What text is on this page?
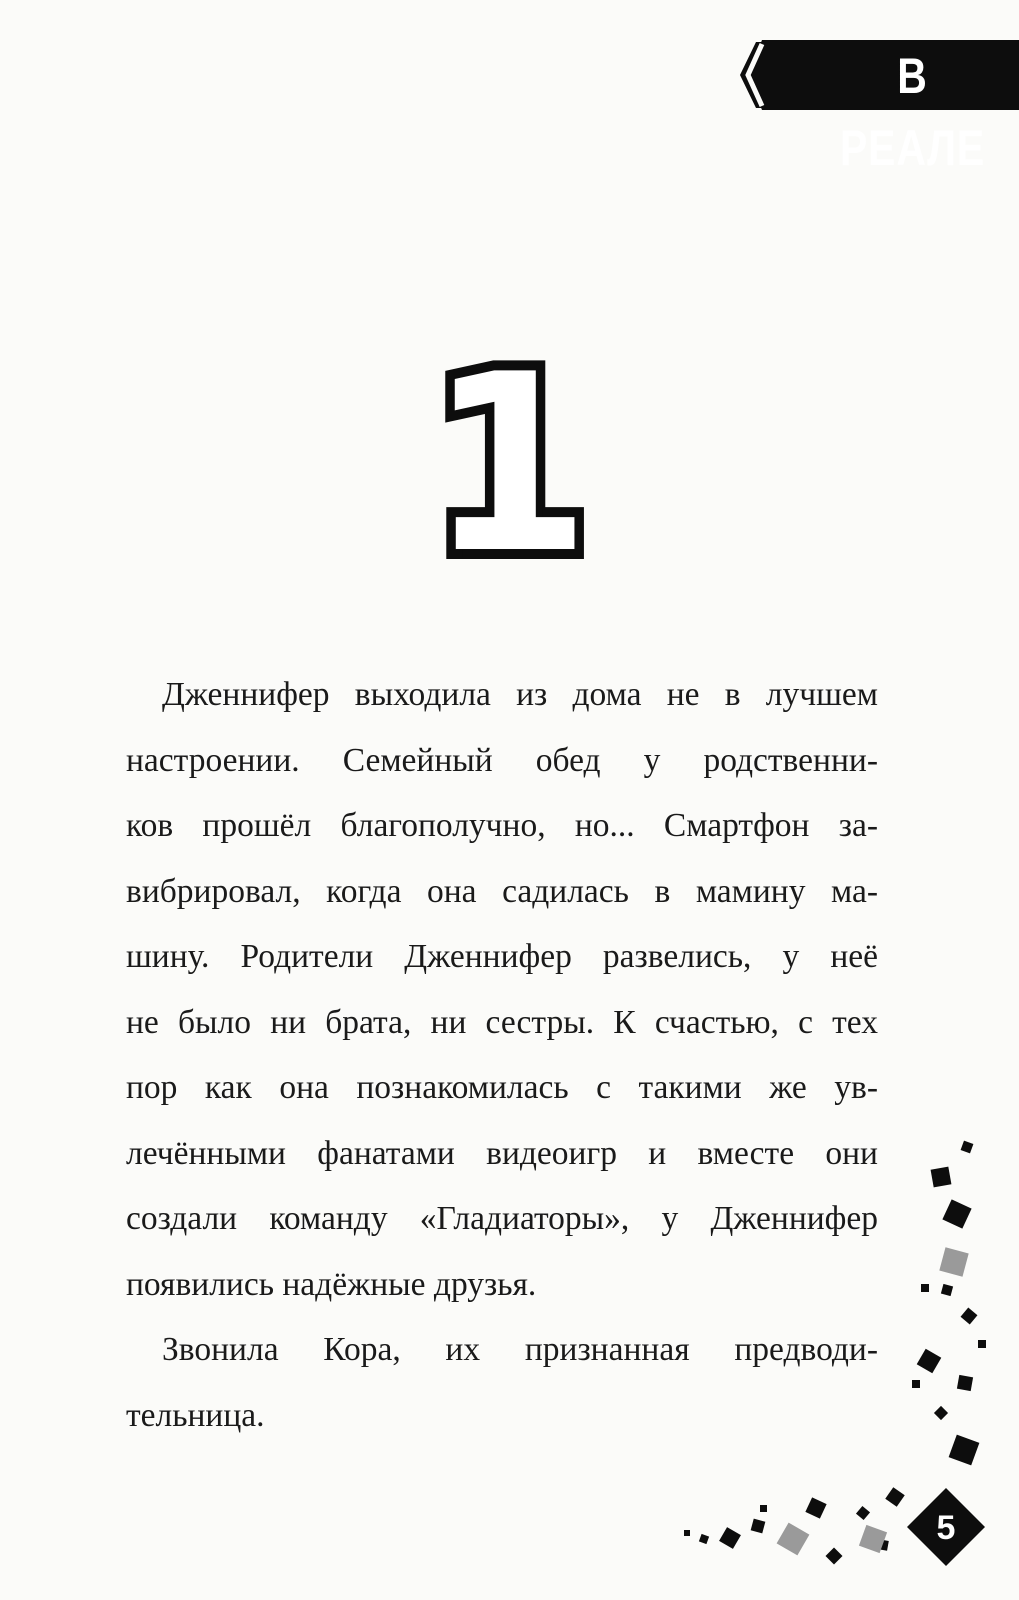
В РЕАЛЕ
1

Дженнифер выходила из дома не в лучшем
настроении. Семейный обед у родственни-
ков прошёл благополучно, но... Смартфон за-
вибрировал, когда она садилась в мамину ма-
шину. Родители Дженнифер развелись, у неё
не было ни брата, ни сестры. К счастью, с тех
пор как она познакомилась с такими же ув-
лечёнными фанатами видеоигр и вместе они
создали команду «Гладиаторы», у Дженнифер
появились надёжные друзья.

Звонила Кора, их признанная предводи-
тельница.

5
